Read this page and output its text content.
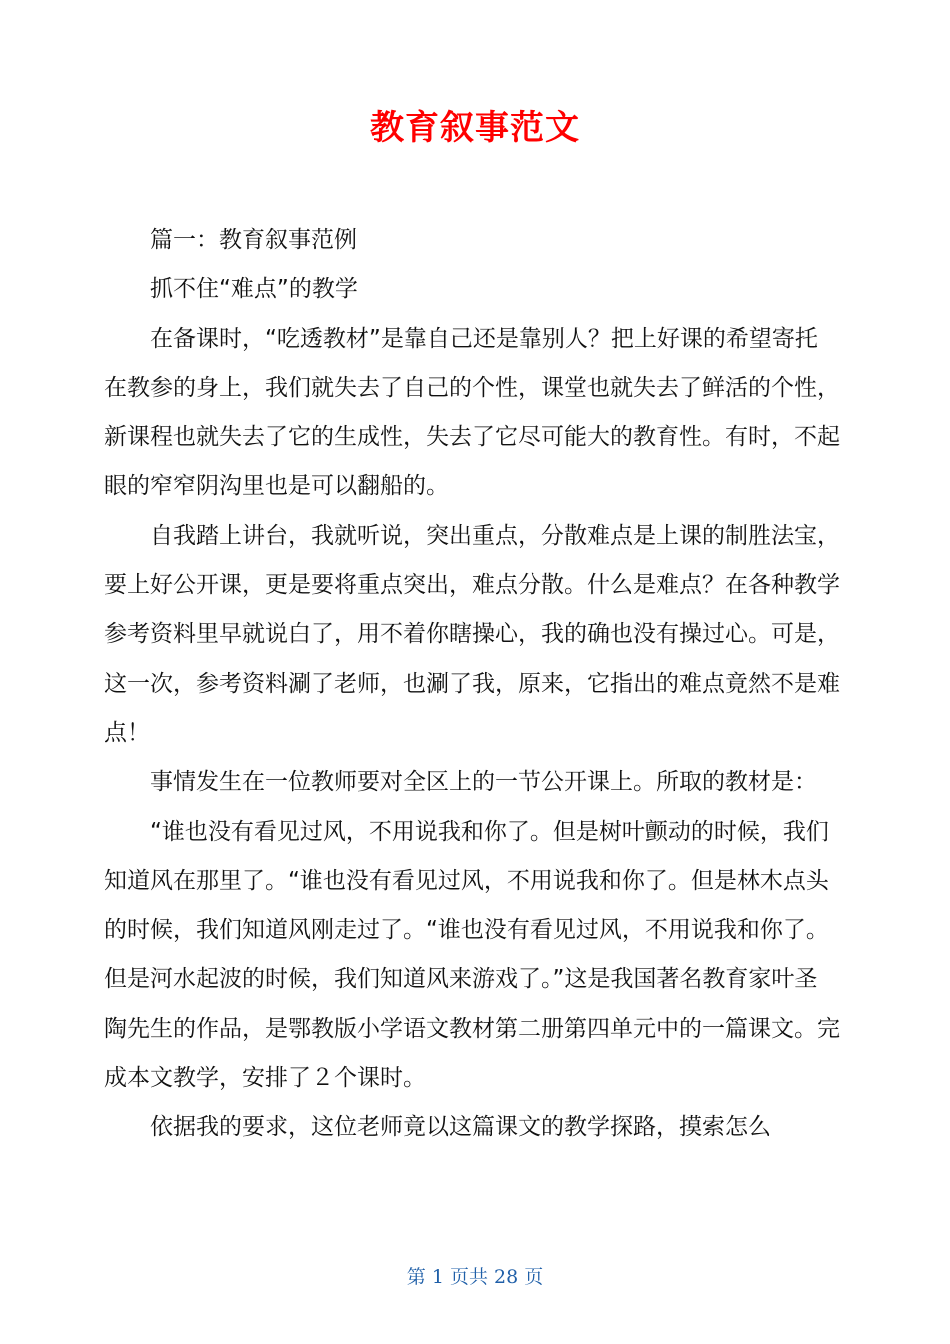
教育叙事范文

篇一：教育叙事范例

抓不住“难点”的教学

在备课时，“吃透教材”是靠自己还是靠别人？把上好课的希望寄托在教参的身上，我们就失去了自己的个性，课堂也就失去了鲜活的个性，新课程也就失去了它的生成性，失去了它尽可能大的教育性。有时，不起眼的窄窄阴沟里也是可以翻船的。

自我踏上讲台，我就听说，突出重点，分散难点是上课的制胜法宝，要上好公开课，更是要将重点突出，难点分散。什么是难点？在各种教学参考资料里早就说白了，用不着你瞎操心，我的确也没有操过心。可是，这一次，参考资料涮了老师，也涮了我，原来，它指出的难点竟然不是难点！

事情发生在一位教师要对全区上的一节公开课上。所取的教材是：

“谁也没有看见过风，不用说我和你了。但是树叶颤动的时候，我们知道风在那里了。“谁也没有看见过风，不用说我和你了。但是林木点头的时候，我们知道风刚走过了。“谁也没有看见过风，不用说我和你了。但是河水起波的时候，我们知道风来游戏了。”这是我国著名教育家叶圣陶先生的作品，是鄂教版小学语文教材第二册第四单元中的一篇课文。完成本文教学，安排了２个课时。

依据我的要求，这位老师竟以这篇课文的教学探路，摸索怎么

第 1 页共 28 页
